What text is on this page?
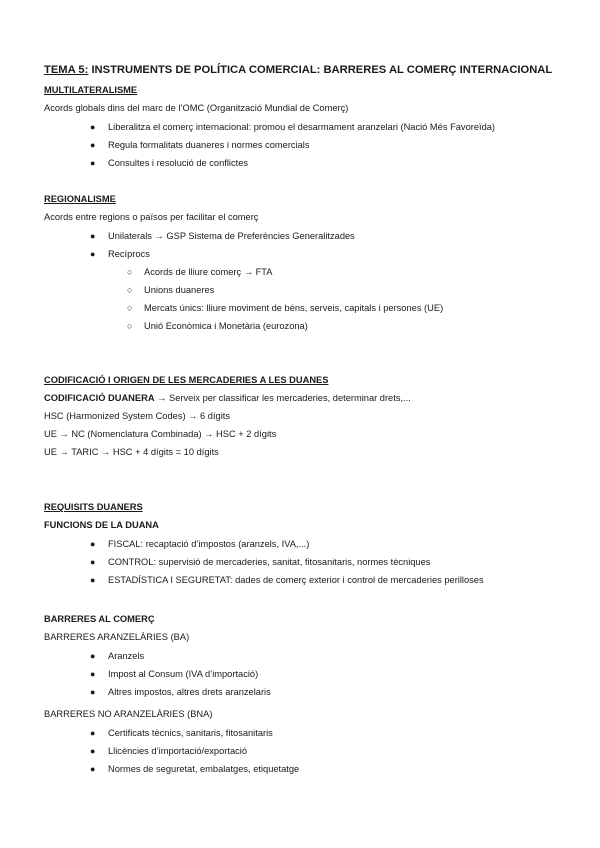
TEMA 5: INSTRUMENTS DE POLÍTICA COMERCIAL: BARRERES AL COMERÇ INTERNACIONAL
MULTILATERALISME
Acords globals dins del marc de l’OMC (Organització Mundial de Comerç)
● Liberalitza el comerç internacional: promou el desarmament aranzelari (Nació Més Favoreïda)
● Regula formalitats duaneres i normes comercials
● Consultes i resolució de conflictes
REGIONALISME
Acords entre regions o països per facilitar el comerç
● Unilaterals → GSP Sistema de Preferències Generalitzades
● Recíprocs
○ Acords de lliure comerç → FTA
○ Unions duaneres
○ Mercats únics: lliure moviment de béns, serveis, capitals i persones (UE)
○ Unió Econòmica i Monetària (eurozona)
CODIFICACIÓ I ORIGEN DE LES MERCADERIES A LES DUANES
CODIFICACIÓ DUANERA → Serveix per classificar les mercaderies, determinar drets,...
HSC (Harmonized System Codes) → 6 dígits
UE → NC (Nomenclatura Combinada) → HSC + 2 dígits
UE → TARIC → HSC + 4 dígits = 10 dígits
REQUISITS DUANERS
FUNCIONS DE LA DUANA
● FISCAL: recaptació d’impostos (aranzels, IVA,...)
● CONTROL: supervisió de mercaderies, sanitat, fitosanitaris, normes tècniques
● ESTADÍSTICA I SEGURETAT: dades de comerç exterior i control de mercaderies perilloses
BARRERES AL COMERÇ
BARRERES ARANZELÀRIES (BA)
● Aranzels
● Impost al Consum (IVA d’importació)
● Altres impostos, altres drets aranzelaris
BARRERES NO ARANZELÀRIES (BNA)
● Certificats tècnics, sanitaris, fitosanitaris
● Llicències d’importació/exportació
● Normes de seguretat, embalatges, etiquetatge
